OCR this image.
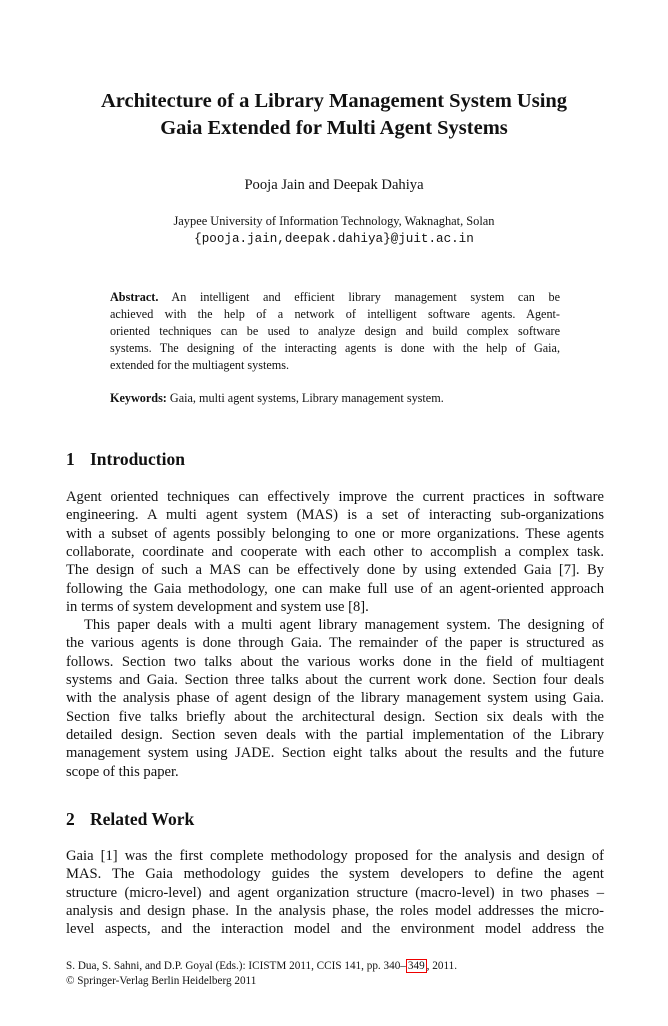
Architecture of a Library Management System Using
Gaia Extended for Multi Agent Systems
Pooja Jain and Deepak Dahiya
Jaypee University of Information Technology, Waknaghat, Solan
{pooja.jain,deepak.dahiya}@juit.ac.in
Abstract. An intelligent and efficient library management system can be
achieved with the help of a network of intelligent software agents. Agent-
oriented techniques can be used to analyze design and build complex software
systems. The designing of the interacting agents is done with the help of Gaia,
extended for the multiagent systems.
Keywords: Gaia, multi agent systems, Library management system.
1 Introduction
Agent oriented techniques can effectively improve the current practices in software
engineering. A multi agent system (MAS) is a set of interacting sub-organizations
with a subset of agents possibly belonging to one or more organizations. These agents
collaborate, coordinate and cooperate with each other to accomplish a complex task.
The design of such a MAS can be effectively done by using extended Gaia [7]. By
following the Gaia methodology, one can make full use of an agent-oriented approach
in terms of system development and system use [8].
This paper deals with a multi agent library management system. The designing of
the various agents is done through Gaia. The remainder of the paper is structured as
follows. Section two talks about the various works done in the field of multiagent
systems and Gaia. Section three talks about the current work done. Section four deals
with the analysis phase of agent design of the library management system using Gaia.
Section five talks briefly about the architectural design. Section six deals with the
detailed design. Section seven deals with the partial implementation of the Library
management system using JADE. Section eight talks about the results and the future
scope of this paper.
2 Related Work
Gaia [1] was the first complete methodology proposed for the analysis and design of
MAS. The Gaia methodology guides the system developers to define the agent
structure (micro-level) and agent organization structure (macro-level) in two phases –
analysis and design phase. In the analysis phase, the roles model addresses the micro-
level aspects, and the interaction model and the environment model address the
S. Dua, S. Sahni, and D.P. Goyal (Eds.): ICISTM 2011, CCIS 141, pp. 340– 349 , 2011.
© Springer-Verlag Berlin Heidelberg 2011
